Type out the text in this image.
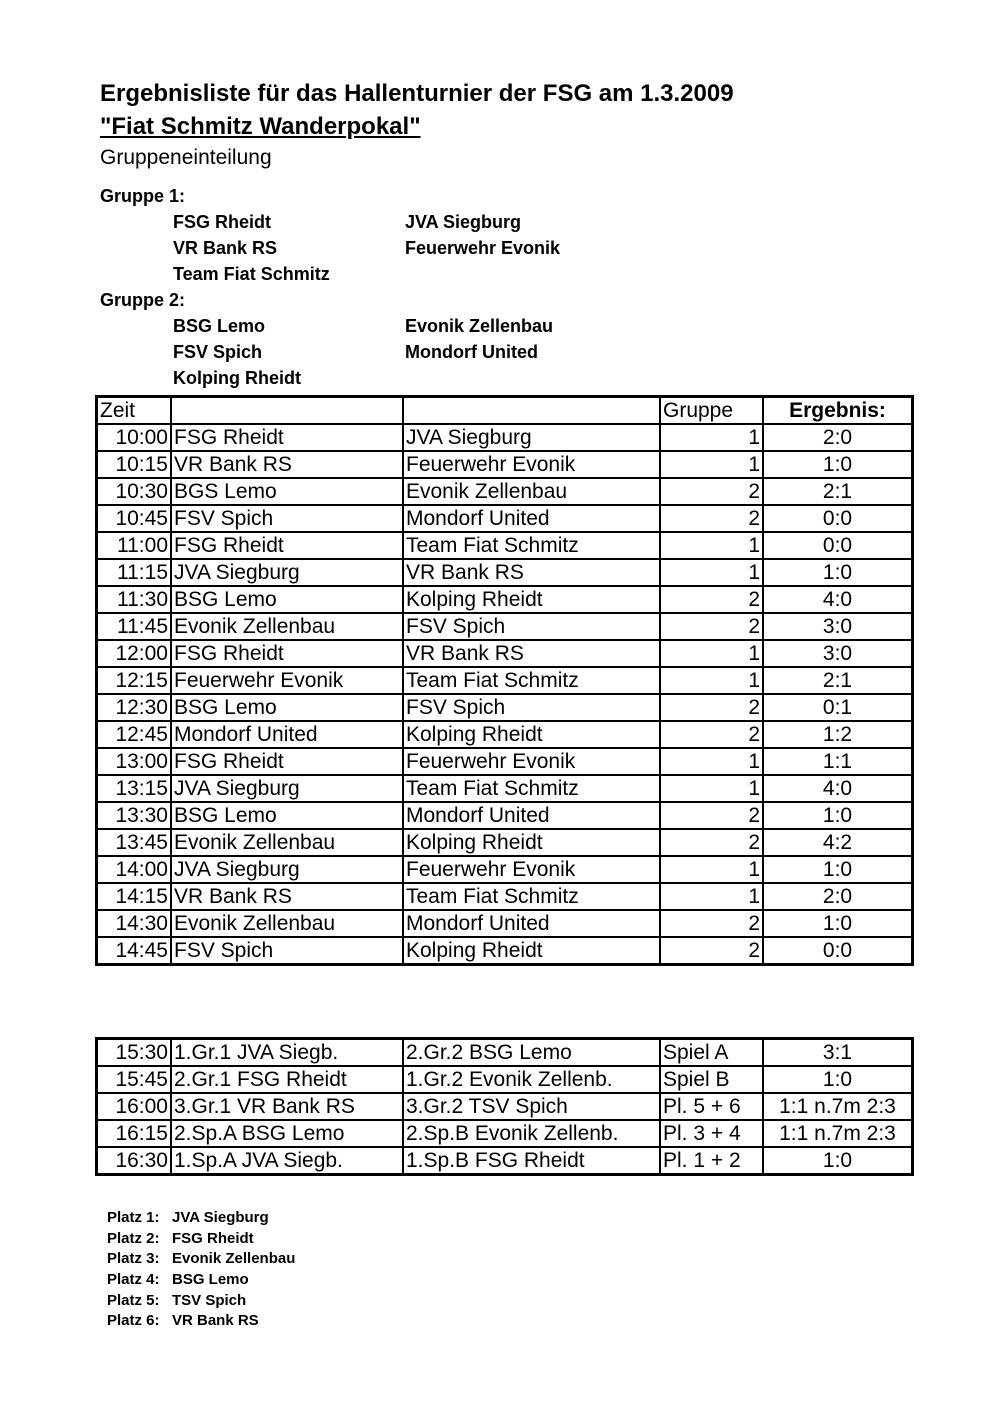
Ergebnisliste für das Hallenturnier der FSG am 1.3.2009
"Fiat Schmitz Wanderpokal"
Gruppeneinteilung
Gruppe 1:
FSG Rheidt	JVA Siegburg
VR Bank RS	Feuerwehr Evonik
Team Fiat Schmitz
Gruppe 2:
BSG Lemo	Evonik Zellenbau
FSV Spich	Mondorf United
Kolping Rheidt
Zeit			Gruppe	Ergebnis:
10:00	FSG Rheidt	JVA Siegburg	1	2:0
10:15	VR Bank RS	Feuerwehr Evonik	1	1:0
10:30	BGS Lemo	Evonik Zellenbau	2	2:1
10:45	FSV Spich	Mondorf United	2	0:0
11:00	FSG Rheidt	Team Fiat Schmitz	1	0:0
11:15	JVA Siegburg	VR Bank RS	1	1:0
11:30	BSG Lemo	Kolping Rheidt	2	4:0
11:45	Evonik Zellenbau	FSV Spich	2	3:0
12:00	FSG Rheidt	VR Bank RS	1	3:0
12:15	Feuerwehr Evonik	Team Fiat Schmitz	1	2:1
12:30	BSG Lemo	FSV Spich	2	0:1
12:45	Mondorf United	Kolping Rheidt	2	1:2
13:00	FSG Rheidt	Feuerwehr Evonik	1	1:1
13:15	JVA Siegburg	Team Fiat Schmitz	1	4:0
13:30	BSG Lemo	Mondorf United	2	1:0
13:45	Evonik Zellenbau	Kolping Rheidt	2	4:2
14:00	JVA Siegburg	Feuerwehr Evonik	1	1:0
14:15	VR Bank RS	Team Fiat Schmitz	1	2:0
14:30	Evonik Zellenbau	Mondorf United	2	1:0
14:45	FSV Spich	Kolping Rheidt	2	0:0
15:30	1.Gr.1 JVA Siegb.	2.Gr.2 BSG Lemo	Spiel A	3:1
15:45	2.Gr.1 FSG Rheidt	1.Gr.2 Evonik Zellenb.	Spiel B	1:0
16:00	3.Gr.1 VR Bank RS	3.Gr.2 TSV Spich	Pl. 5 + 6	1:1 n.7m 2:3
16:15	2.Sp.A BSG Lemo	2.Sp.B Evonik Zellenb.	Pl. 3 + 4	1:1 n.7m 2:3
16:30	1.Sp.A JVA Siegb.	1.Sp.B FSG Rheidt	Pl. 1 + 2	1:0
Platz 1: JVA Siegburg
Platz 2: FSG Rheidt
Platz 3: Evonik Zellenbau
Platz 4: BSG Lemo
Platz 5: TSV Spich
Platz 6: VR Bank RS
